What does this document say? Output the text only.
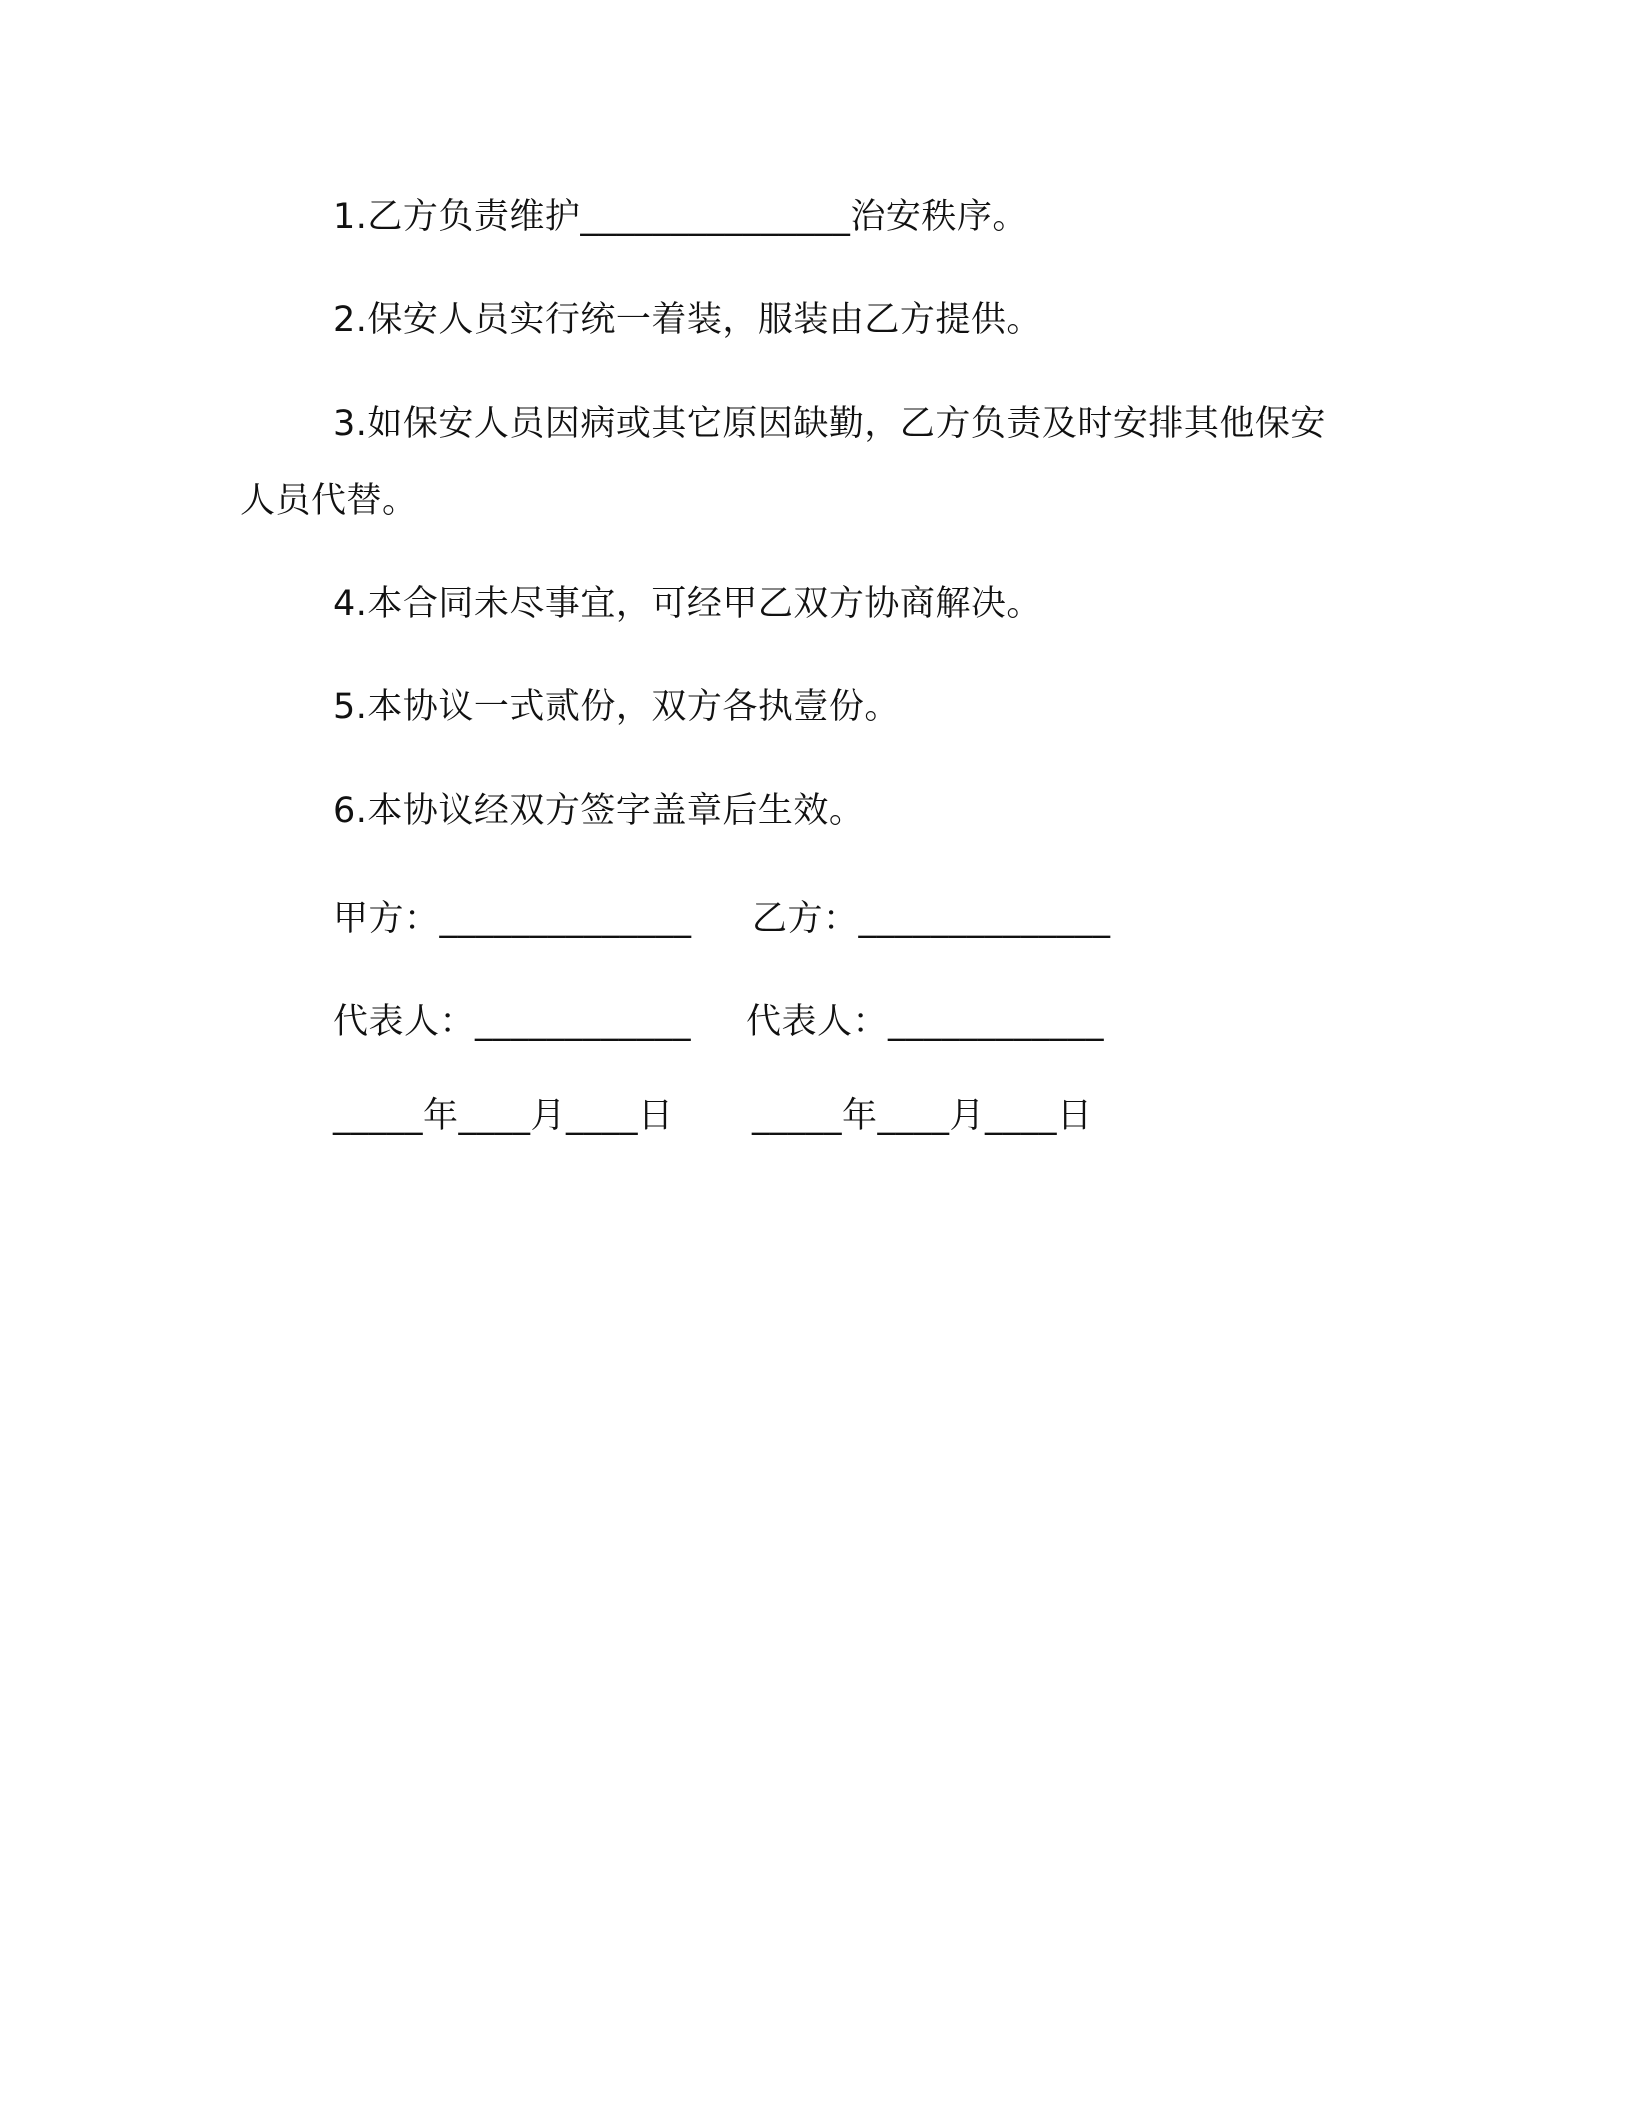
1.乙方负责维护_______________治安秩序。
2.保安人员实行统一着装，服装由乙方提供。
3.如保安人员因病或其它原因缺勤，乙方负责及时安排其他保安
人员代替。
4.本合同未尽事宜，可经甲乙双方协商解决。
5.本协议一式贰份，双方各执壹份。
6.本协议经双方签字盖章后生效。
甲方：______________ 乙方：______________
代表人：____________ 代表人：____________
_____年____月____日 _____年____月____日
